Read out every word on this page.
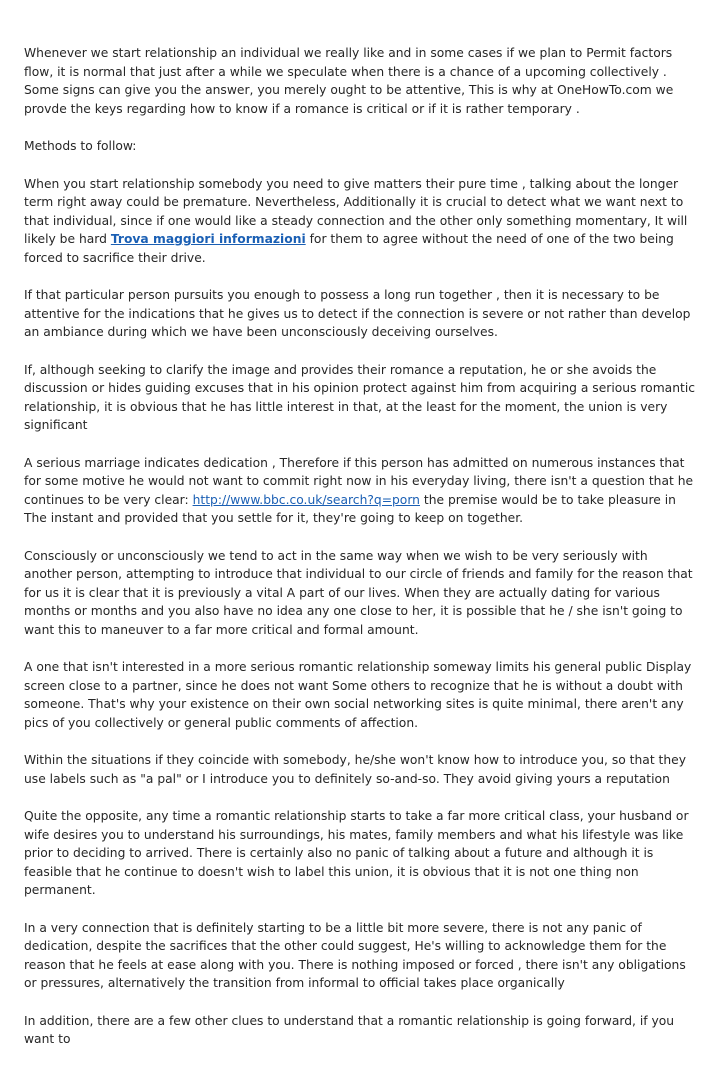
Whenever we start relationship an individual we really like and in some cases if we plan to Permit factors flow, it is normal that just after a while we speculate when there is a chance of a upcoming collectively . Some signs can give you the answer, you merely ought to be attentive, This is why at OneHowTo.com we provde the keys regarding how to know if a romance is critical or if it is rather temporary .

Methods to follow:

When you start relationship somebody you need to give matters their pure time , talking about the longer term right away could be premature. Nevertheless, Additionally it is crucial to detect what we want next to that individual, since if one would like a steady connection and the other only something momentary, It will likely be hard Trova maggiori informazioni for them to agree without the need of one of the two being forced to sacrifice their drive.

If that particular person pursuits you enough to possess a long run together , then it is necessary to be attentive for the indications that he gives us to detect if the connection is severe or not rather than develop an ambiance during which we have been unconsciously deceiving ourselves.

If, although seeking to clarify the image and provides their romance a reputation, he or she avoids the discussion or hides guiding excuses that in his opinion protect against him from acquiring a serious romantic relationship, it is obvious that he has little interest in that, at the least for the moment, the union is very significant

A serious marriage indicates dedication , Therefore if this person has admitted on numerous instances that for some motive he would not want to commit right now in his everyday living, there isn't a question that he continues to be very clear: http://www.bbc.co.uk/search?q=porn the premise would be to take pleasure in The instant and provided that you settle for it, they're going to keep on together.

Consciously or unconsciously we tend to act in the same way when we wish to be very seriously with another person, attempting to introduce that individual to our circle of friends and family for the reason that for us it is clear that it is previously a vital A part of our lives. When they are actually dating for various months or months and you also have no idea any one close to her, it is possible that he / she isn't going to want this to maneuver to a far more critical and formal amount.

A one that isn't interested in a more serious romantic relationship someway limits his general public Display screen close to a partner, since he does not want Some others to recognize that he is without a doubt with someone. That's why your existence on their own social networking sites is quite minimal, there aren't any pics of you collectively or general public comments of affection.

Within the situations if they coincide with somebody, he/she won't know how to introduce you, so that they use labels such as "a pal" or I introduce you to definitely so-and-so. They avoid giving yours a reputation

Quite the opposite, any time a romantic relationship starts to take a far more critical class, your husband or wife desires you to understand his surroundings, his mates, family members and what his lifestyle was like prior to deciding to arrived. There is certainly also no panic of talking about a future and although it is feasible that he continue to doesn't wish to label this union, it is obvious that it is not one thing non permanent.

In a very connection that is definitely starting to be a little bit more severe, there is not any panic of dedication, despite the sacrifices that the other could suggest, He's willing to acknowledge them for the reason that he feels at ease along with you. There is nothing imposed or forced , there isn't any obligations or pressures, alternatively the transition from informal to official takes place organically

In addition, there are a few other clues to understand that a romantic relationship is going forward, if you want to
